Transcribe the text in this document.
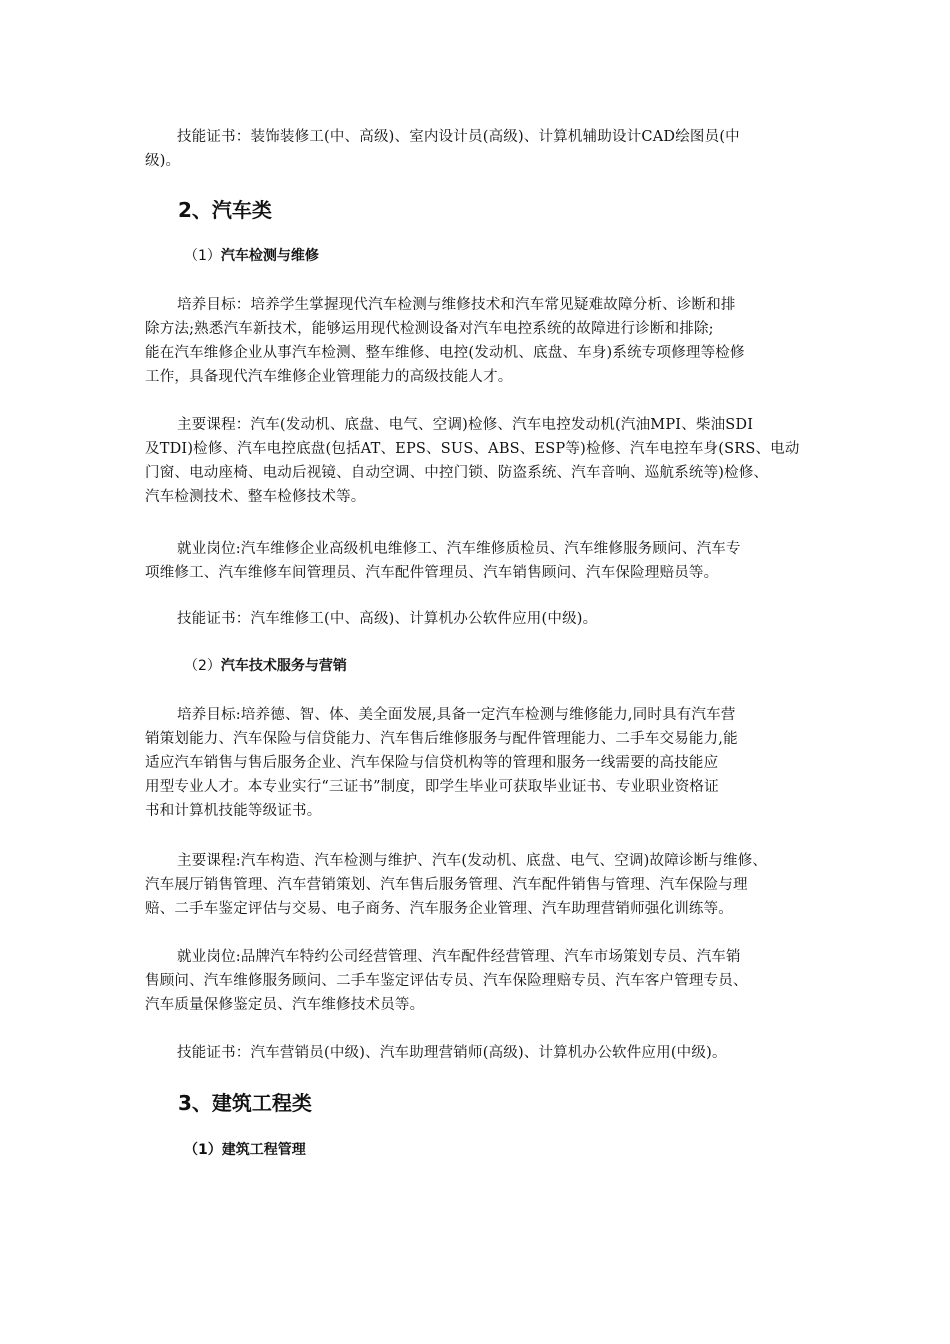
技能证书：装饰装修工(中、高级)、室内设计员(高级)、计算机辅助设计CAD绘图员(中
级)。
2、汽车类
（1）汽车检测与维修
培养目标：培养学生掌握现代汽车检测与维修技术和汽车常见疑难故障分析、诊断和排
除方法;熟悉汽车新技术，能够运用现代检测设备对汽车电控系统的故障进行诊断和排除;
能在汽车维修企业从事汽车检测、整车维修、电控(发动机、底盘、车身)系统专项修理等检修
工作，具备现代汽车维修企业管理能力的高级技能人才。
主要课程：汽车(发动机、底盘、电气、空调)检修、汽车电控发动机(汽油MPI、柴油SDI
及TDI)检修、汽车电控底盘(包括AT、EPS、SUS、ABS、ESP等)检修、汽车电控车身(SRS、电动
门窗、电动座椅、电动后视镜、自动空调、中控门锁、防盗系统、汽车音响、巡航系统等)检修、
汽车检测技术、整车检修技术等。
就业岗位:汽车维修企业高级机电维修工、汽车维修质检员、汽车维修服务顾问、汽车专
项维修工、汽车维修车间管理员、汽车配件管理员、汽车销售顾问、汽车保险理赔员等。
技能证书：汽车维修工(中、高级)、计算机办公软件应用(中级)。
（2）汽车技术服务与营销
培养目标:培养德、智、体、美全面发展,具备一定汽车检测与维修能力,同时具有汽车营
销策划能力、汽车保险与信贷能力、汽车售后维修服务与配件管理能力、二手车交易能力,能
适应汽车销售与售后服务企业、汽车保险与信贷机构等的管理和服务一线需要的高技能应
用型专业人才。本专业实行“三证书”制度，即学生毕业可获取毕业证书、专业职业资格证
书和计算机技能等级证书。
主要课程:汽车构造、汽车检测与维护、汽车(发动机、底盘、电气、空调)故障诊断与维修、
汽车展厅销售管理、汽车营销策划、汽车售后服务管理、汽车配件销售与管理、汽车保险与理
赔、二手车鉴定评估与交易、电子商务、汽车服务企业管理、汽车助理营销师强化训练等。
就业岗位:品牌汽车特约公司经营管理、汽车配件经营管理、汽车市场策划专员、汽车销
售顾问、汽车维修服务顾问、二手车鉴定评估专员、汽车保险理赔专员、汽车客户管理专员、
汽车质量保修鉴定员、汽车维修技术员等。
技能证书：汽车营销员(中级)、汽车助理营销师(高级)、计算机办公软件应用(中级)。
3、建筑工程类
（1）建筑工程管理
